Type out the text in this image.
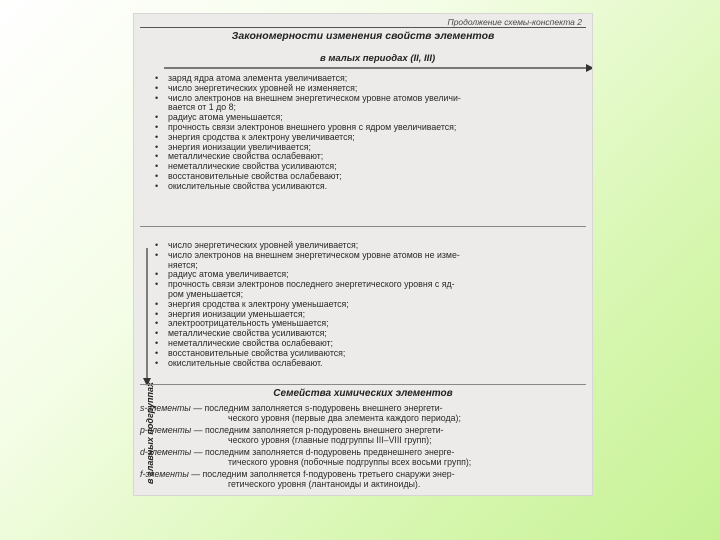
Продолжение схемы-конспекта 2
Закономерности изменения свойств элементов
в малых периодах (II, III)
• заряд ядра атома элемента увеличивается;
• число энергетических уровней не изменяется;
• число электронов на внешнем энергетическом уровне атомов увеличи-
вается от 1 до 8;
• радиус атома уменьшается;
• прочность связи электронов внешнего уровня с ядром увеличивается;
• энергия сродства к электрону увеличивается;
• энергия ионизации увеличивается;
• металлические свойства ослабевают;
• неметаллические свойства усиливаются;
• восстановительные свойства ослабевают;
• окислительные свойства усиливаются.
в главных подгруппах
• число энергетических уровней увеличивается;
• число электронов на внешнем энергетическом уровне атомов не изме-
няется;
• радиус атома увеличивается;
• прочность связи электронов последнего энергетического уровня с яд-
ром уменьшается;
• энергия сродства к электрону уменьшается;
• энергия ионизации уменьшается;
• электроотрицательность уменьшается;
• металлические свойства усиливаются;
• неметаллические свойства ослабевают;
• восстановительные свойства усиливаются;
• окислительные свойства ослабевают.
Семейства химических элементов
s-элементы — последним заполняется s-подуровень внешнего энергети-
ческого уровня (первые два элемента каждого периода);
p-элементы — последним заполняется p-подуровень внешнего энергети-
ческого уровня (главные подгруппы III–VIII групп);
d-элементы — последним заполняется d-подуровень предвнешнего энерге-
тического уровня (побочные подгруппы всех восьми групп);
f-элементы — последним заполняется f-подуровень третьего снаружи энер-
гетического уровня (лантаноиды и актиноиды).
